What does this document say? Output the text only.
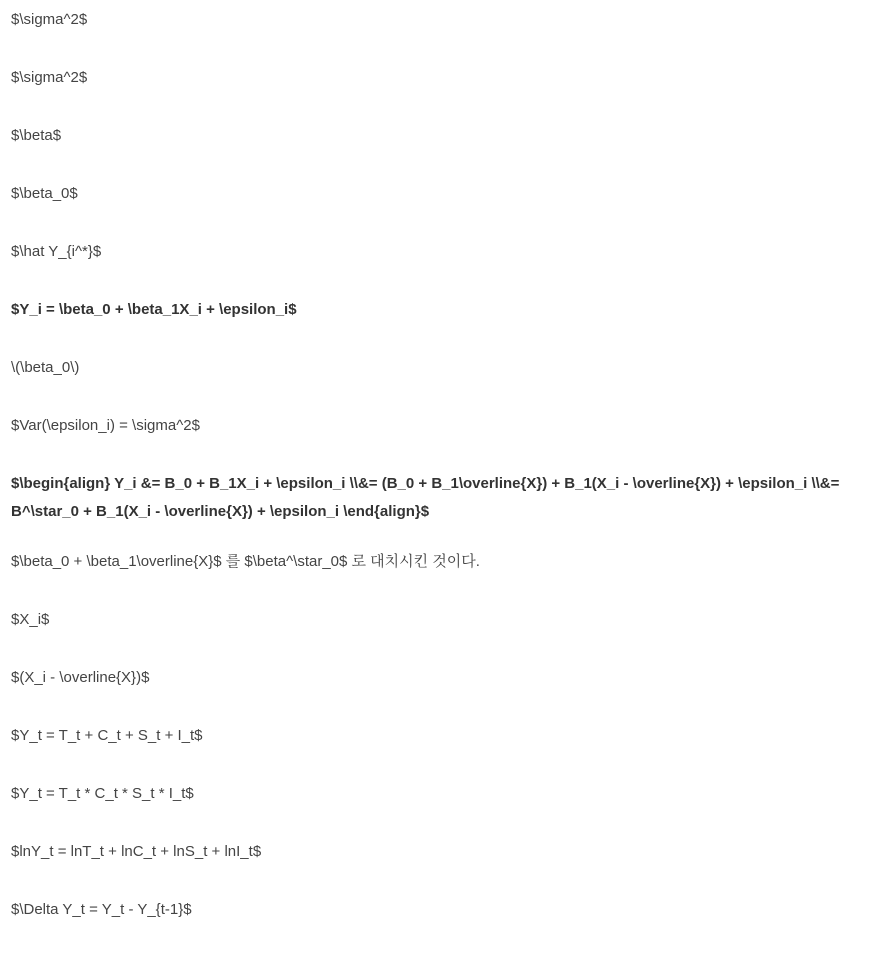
$\sigma^2$

$\sigma^2$

$\beta$

$\beta_0$

$\hat Y_{i^*}$

$Y_i = \beta_0 + \beta_1X_i + \epsilon_i$

\(\beta_0\)

$Var(\epsilon_i) = \sigma^2$

$\begin{align} Y_i &= B_0 + B_1X_i + \epsilon_i \\&= (B_0 + B_1\overline{X}) + B_1(X_i - \overline{X}) + \epsilon_i \\&= B^\star_0 + B_1(X_i - \overline{X}) + \epsilon_i \end{align}$

$\beta_0 + \beta_1\overline{X}$ 를 $\beta^\star_0$ 로 대치시킨 것이다.

$X_i$

$(X_i - \overline{X})$

$Y_t = T_t + C_t + S_t + I_t$

$Y_t = T_t * C_t * S_t * I_t$

$lnY_t = lnT_t + lnC_t + lnS_t + lnI_t$

$\Delta Y_t = Y_t - Y_{t-1}$
